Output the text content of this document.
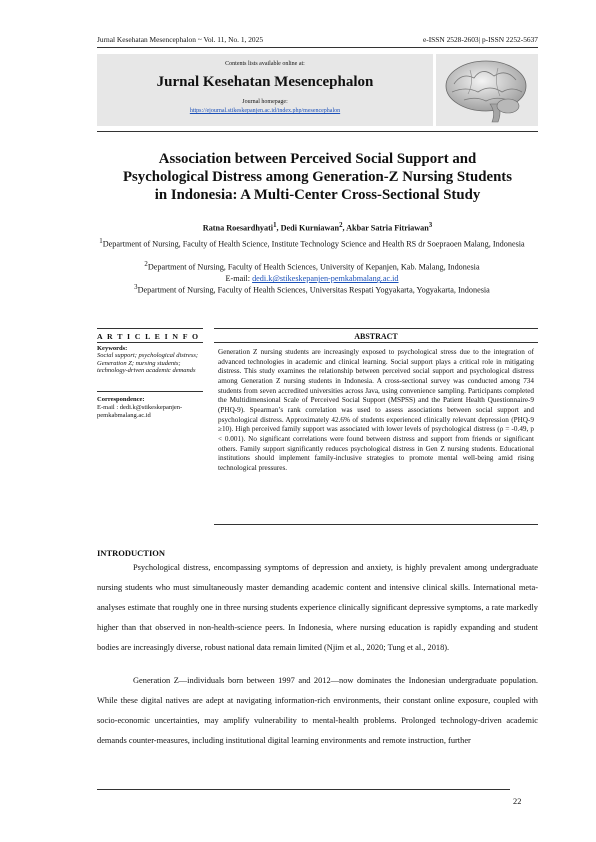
Jurnal Kesehatan Mesencephalon ~ Vol. 11, No. 1, 2025	e-ISSN 2528-2603| p-ISSN 2252-5637
Contents lists available online at:
Jurnal Kesehatan Mesencephalon
Journal homepage:
https://ejournal.stikeskepanjen.ac.id/index.php/mesencephalon
Association between Perceived Social Support and
Psychological Distress among Generation-Z Nursing Students
in Indonesia: A Multi-Center Cross-Sectional Study
Ratna Roesardhyati$^1$, Dedi Kurniawan$^2$, Akbar Satria Fitriawan$^3$
$^1$Department of Nursing, Faculty of Health Science, Institute Technology Science and Health RS dr Soepraoen Malang, Indonesia
$^2$Department of Nursing, Faculty of Health Sciences, University of Kepanjen, Kab. Malang, Indonesia
E-mail: dedi.k@stikeskepanjen-pemkabmalang.ac.id
$^3$Department of Nursing, Faculty of Health Sciences, Universitas Respati Yogyakarta, Yogyakarta, Indonesia
A R T I C L E I N F O
Keywords:
Social support; psychological distress; Generation Z; nursing students; technology-driven academic demands
Correspondence:
E-mail : dedi.k@stikeskepanjen-pemkabmalang.ac.id
ABSTRACT
Generation Z nursing students are increasingly exposed to psychological stress due to the integration of advanced technologies in academic and clinical learning. Social support plays a critical role in mitigating distress. This study examines the relationship between perceived social support and psychological distress among Generation Z nursing students in Indonesia. A cross-sectional survey was conducted among 734 students from seven accredited universities across Java, using convenience sampling. Participants completed the Multidimensional Scale of Perceived Social Support (MSPSS) and the Patient Health Questionnaire-9 (PHQ-9). Spearman’s rank correlation was used to assess associations between social support and psychological distress. Approximately 42.6% of students experienced clinically relevant depression (PHQ-9 ≥10). High perceived family support was associated with lower levels of psychological distress (ρ = -0.49, p < 0.001). No significant correlations were found between distress and support from friends or significant others. Family support significantly reduces psychological distress in Gen Z nursing students. Educational institutions should implement family-inclusive strategies to promote mental well-being amid rising technological pressures.
INTRODUCTION
Psychological distress, encompassing symptoms of depression and anxiety, is highly prevalent among undergraduate nursing students who must simultaneously master demanding academic content and intensive clinical skills. International meta-analyses estimate that roughly one in three nursing students experience clinically significant depressive symptoms, a rate markedly higher than that observed in non-health-science peers. In Indonesia, where nursing education is rapidly expanding and student bodies are increasingly diverse, robust national data remain limited (Njim et al., 2020; Tung et al., 2018).
Generation Z—individuals born between 1997 and 2012—now dominates the Indonesian undergraduate population. While these digital natives are adept at navigating information-rich environments, their constant online exposure, coupled with socio-economic uncertainties, may amplify vulnerability to mental-health problems. Prolonged technology-driven academic demands counter-measures, including institutional digital learning environments and remote instruction, further
22
